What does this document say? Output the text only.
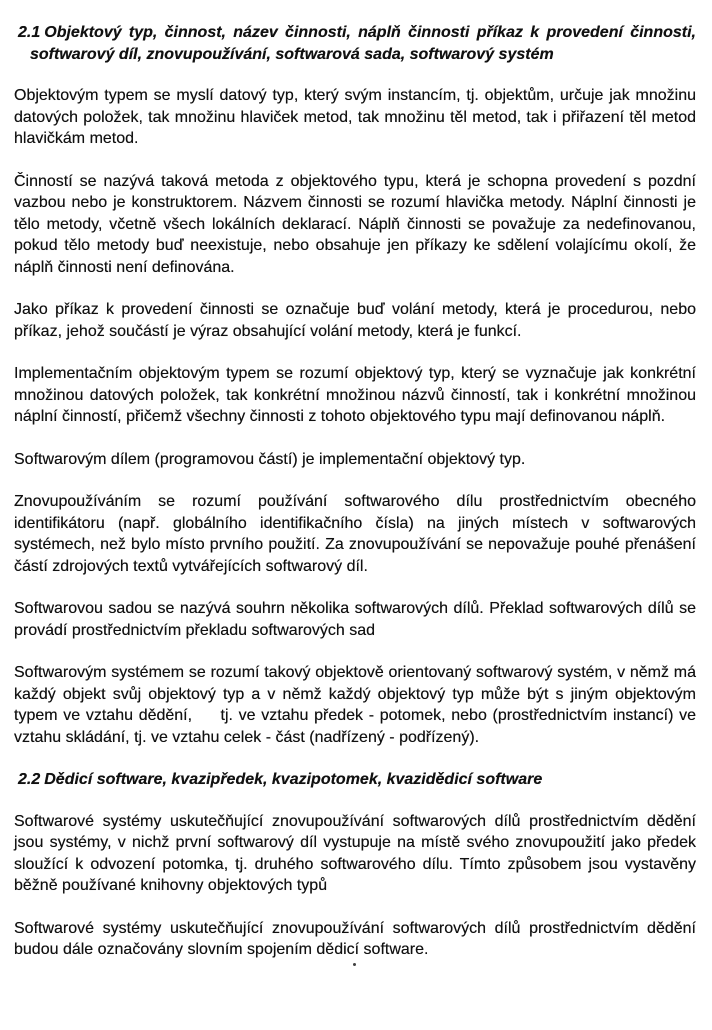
2.1 Objektový typ, činnost, název činnosti, náplň činnosti příkaz k provedení činnosti, softwarový díl, znovupoužívání, softwarová sada, softwarový systém

Objektovým typem se myslí datový typ, který svým instancím, tj. objektům, určuje jak množinu datových položek, tak množinu hlaviček metod, tak množinu těl metod, tak i přiřazení těl metod hlavičkám metod.

Činností se nazývá taková metoda z objektového typu, která je schopna provedení s pozdní vazbou nebo je konstruktorem. Názvem činnosti se rozumí hlavička metody. Náplní činnosti je tělo metody, včetně všech lokálních deklarací. Náplň činnosti se považuje za nedefinovanou, pokud tělo metody buď neexistuje, nebo obsahuje jen příkazy ke sdělení volajícímu okolí, že náplň činnosti není definována.

Jako příkaz k provedení činnosti se označuje buď volání metody, která je procedurou, nebo příkaz, jehož součástí je výraz obsahující volání metody, která je funkcí.

Implementačním objektovým typem se rozumí objektový typ, který se vyznačuje jak konkrétní množinou datových položek, tak konkrétní množinou názvů činností, tak i konkrétní množinou náplní činností, přičemž všechny činnosti z tohoto objektového typu mají definovanou náplň.

Softwarovým dílem (programovou částí) je implementační objektový typ.

Znovupoužíváním se rozumí používání softwarového dílu prostřednictvím obecného identifikátoru (např. globálního identifikačního čísla) na jiných místech v softwarových systémech, než bylo místo prvního použití. Za znovupoužívání se nepovažuje pouhé přenášení částí zdrojových textů vytvářejících softwarový díl.

Softwarovou sadou se nazývá souhrn několika softwarových dílů. Překlad softwarových dílů se provádí prostřednictvím překladu softwarových sad

Softwarovým systémem se rozumí takový objektově orientovaný softwarový systém, v němž má každý objekt svůj objektový typ a v němž každý objektový typ může být s jiným objektovým typem ve vztahu dědění,     tj. ve vztahu předek - potomek, nebo (prostřednictvím instancí) ve vztahu skládání, tj. ve vztahu celek - část (nadřízený - podřízený).

2.2 Dědicí software, kvazipředek, kvazipotomek, kvazidědicí software

Softwarové systémy uskutečňující znovupoužívání softwarových dílů prostřednictvím dědění jsou systémy, v nichž první softwarový díl vystupuje na místě svého znovupoužití jako předek sloužící k odvození potomka, tj. druhého softwarového dílu. Tímto způsobem jsou vystavěny běžně používané knihovny objektových typů

Softwarové systémy uskutečňující znovupoužívání softwarových dílů prostřednictvím dědění budou dále označovány slovním spojením dědicí software.
